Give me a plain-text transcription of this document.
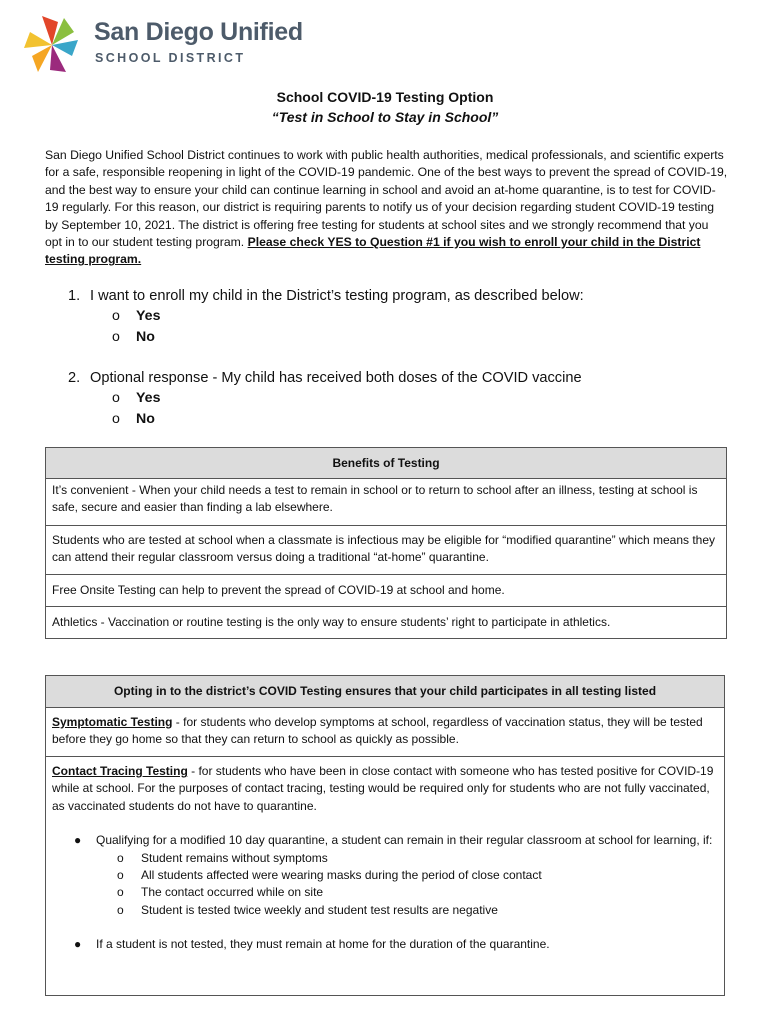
San Diego Unified
SCHOOL DISTRICT
School COVID-19 Testing Option
“Test in School to Stay in School”
San Diego Unified School District continues to work with public health authorities, medical professionals, and scientific experts for a safe, responsible reopening in light of the COVID-19 pandemic. One of the best ways to prevent the spread of COVID-19, and the best way to ensure your child can continue learning in school and avoid an at-home quarantine, is to test for COVID-19 regularly. For this reason, our district is requiring parents to notify us of your decision regarding student COVID-19 testing by September 10, 2021. The district is offering free testing for students at school sites and we strongly recommend that you opt in to our student testing program. Please check YES to Question #1 if you wish to enroll your child in the District testing program.
1. I want to enroll my child in the District’s testing program, as described below:
o Yes
o No
2. Optional response - My child has received both doses of the COVID vaccine
o Yes
o No
Benefits of Testing
It’s convenient - When your child needs a test to remain in school or to return to school after an illness, testing at school is safe, secure and easier than finding a lab elsewhere.
Students who are tested at school when a classmate is infectious may be eligible for “modified quarantine” which means they can attend their regular classroom versus doing a traditional “at-home” quarantine.
Free Onsite Testing can help to prevent the spread of COVID-19 at school and home.
Athletics - Vaccination or routine testing is the only way to ensure students’ right to participate in athletics.
Opting in to the district’s COVID Testing ensures that your child participates in all testing listed
Symptomatic Testing - for students who develop symptoms at school, regardless of vaccination status, they will be tested before they go home so that they can return to school as quickly as possible.
Contact Tracing Testing - for students who have been in close contact with someone who has tested positive for COVID-19 while at school. For the purposes of contact tracing, testing would be required only for students who are not fully vaccinated, as vaccinated students do not have to quarantine.
● Qualifying for a modified 10 day quarantine, a student can remain in their regular classroom at school for learning, if:
o Student remains without symptoms
o All students affected were wearing masks during the period of close contact
o The contact occurred while on site
o Student is tested twice weekly and student test results are negative
● If a student is not tested, they must remain at home for the duration of the quarantine.
